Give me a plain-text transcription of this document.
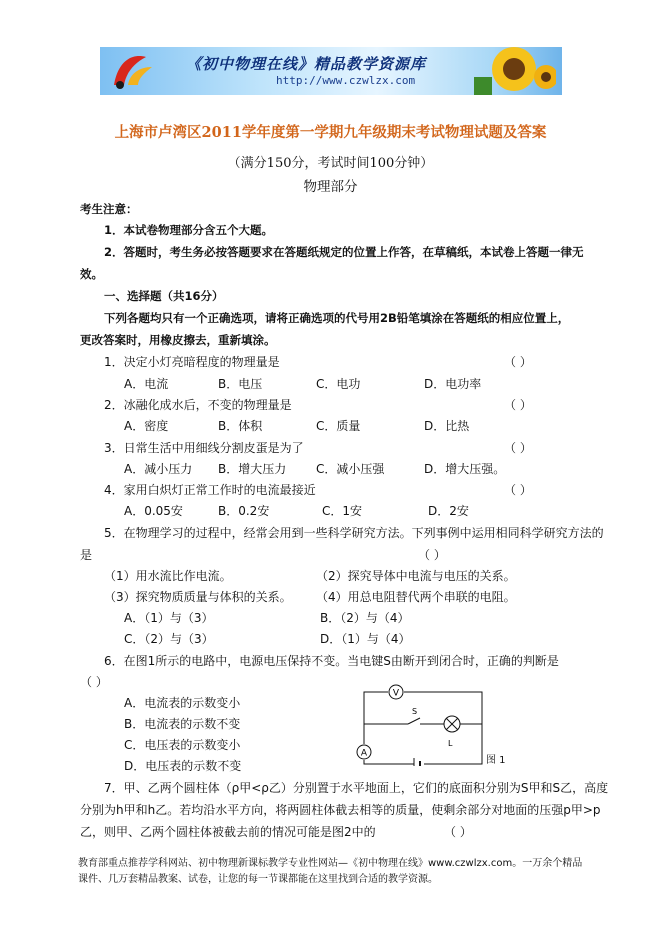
《初中物理在线》精品教学资源库
http://www.czwlzx.com
上海市卢湾区2011学年度第一学期九年级期末考试物理试题及答案
（满分150分，考试时间100分钟）
物理部分
考生注意：
1．本试卷物理部分含五个大题。
2．答题时，考生务必按答题要求在答题纸规定的位置上作答，在草稿纸，本试卷上答题一律无
效。
一、选择题（共16分）
下列各题均只有一个正确选项，请将正确选项的代号用2B铅笔填涂在答题纸的相应位置上，
更改答案时，用橡皮擦去，重新填涂。
1．决定小灯亮暗程度的物理量是	（ ）
A．电流	B．电压	C．电功	D．电功率
2．冰融化成水后，不变的物理量是	（ ）
A．密度	B．体积	C．质量	D．比热
3．日常生活中用细线分割皮蛋是为了	（ ）
A．减小压力 B．增大压力 C．减小压强	D．增大压强。
4．家用白炽灯正常工作时的电流最接近	（ ）
A．0.05安	B．0.2安	C．1安	D．2安
5．在物理学习的过程中，经常会用到一些科学研究方法。下列事例中运用相同科学研究方法的
是	（ ）
（1）用水流比作电流。	（2）探究导体中电流与电压的关系。
（3）探究物质质量与体积的关系。 （4）用总电阻替代两个串联的电阻。
A．（1）与（3）	B．（2）与（4）
C．（2）与（3）	D．（1）与（4）
6．在图1所示的电路中，电源电压保持不变。当电键S由断开到闭合时，正确的判断是
（ ）
A．电流表的示数变小
B．电流表的示数不变
C．电压表的示数变小
D．电压表的示数不变
V
A
S
L
图 1
7．甲、乙两个圆柱体（ρ甲<ρ乙）分别置于水平地面上，它们的底面积分别为S甲和S乙，高度
分别为h甲和h乙。若均沿水平方向，将两圆柱体截去相等的质量，使剩余部分对地面的压强p甲>p
乙，则甲、乙两个圆柱体被截去前的情况可能是图2中的	（ ）
教育部重点推荐学科网站、初中物理新课标教学专业性网站—《初中物理在线》www.czwlzx.com。一万余个精品课件、几万套精品教案、试卷，让您的每一节课都能在这里找到合适的教学资源。
